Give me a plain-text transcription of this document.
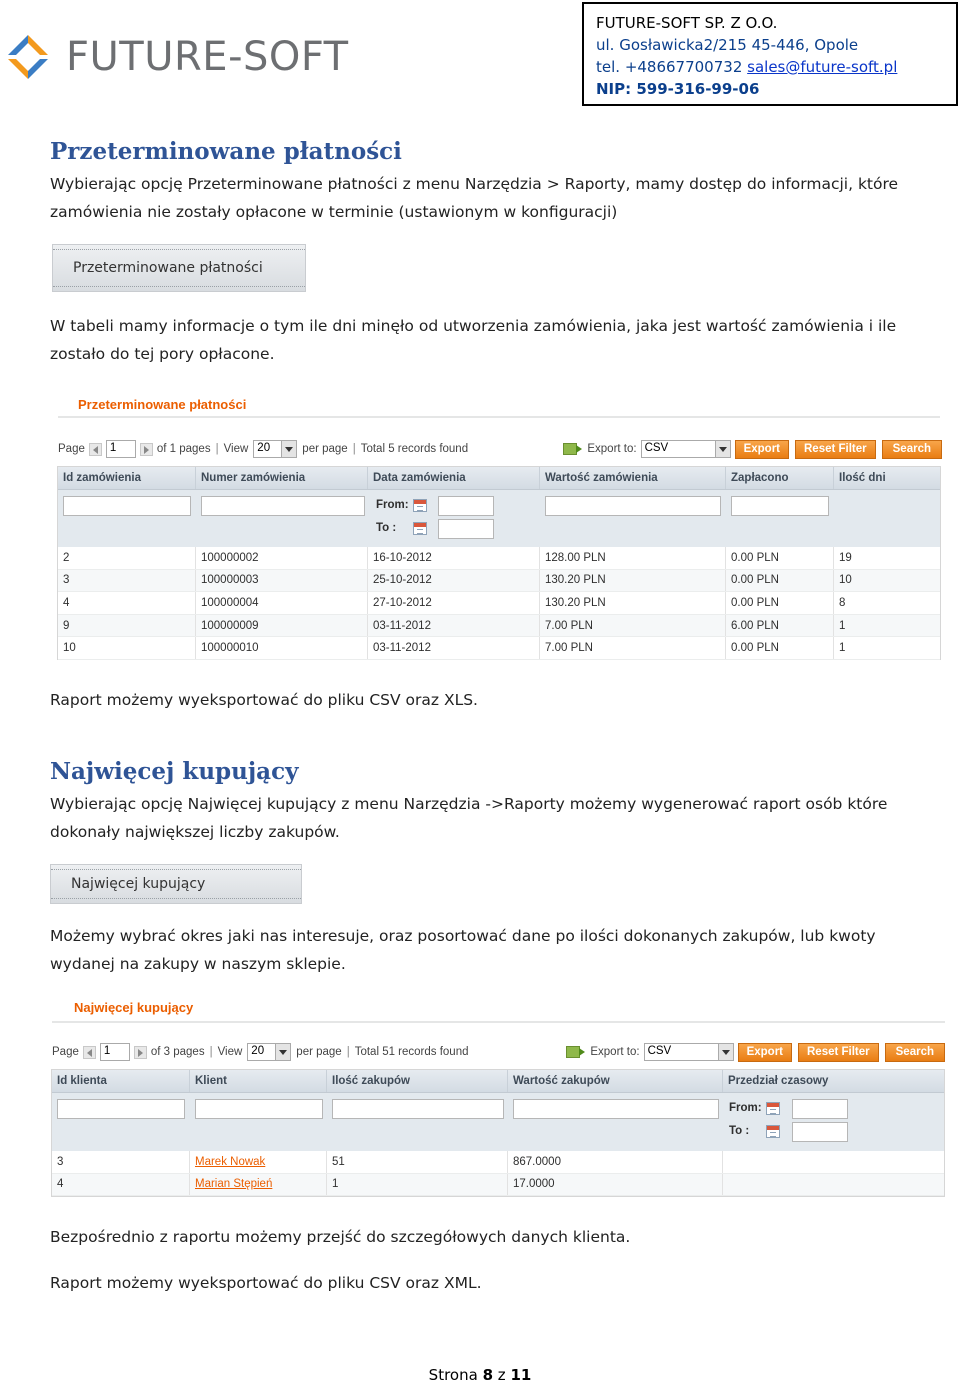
FUTURE-SOFT
FUTURE-SOFT SP. Z O.O.
ul. Gosławicka2/215 45-446, Opole
tel. +48667700732 sales@future-soft.pl
NIP: 599-316-99-06
Przeterminowane płatności
Wybierając opcję Przeterminowane płatności z menu Narzędzia > Raporty, mamy dostęp do informacji, które
zamówienia nie zostały opłacone w terminie (ustawionym w konfiguracji)
Przeterminowane płatności
W tabeli mamy informacje o tym ile dni minęło od utworzenia zamówienia, jaka jest wartość zamówienia i ile
zostało do tej pory opłacone.
Przeterminowane płatności
Page	1	of 1 pages | View 20	per page | Total 5 records found	Export to: CSV	Export	Reset Filter	Search
Id zamówienia	Numer zamówienia	Data zamówienia	Wartość zamówienia	Zapłacono	Ilość dni
From:
To :
2	100000002	16-10-2012	128.00 PLN	0.00 PLN	19
3	100000003	25-10-2012	130.20 PLN	0.00 PLN	10
4	100000004	27-10-2012	130.20 PLN	0.00 PLN	8
9	100000009	03-11-2012	7.00 PLN	6.00 PLN	1
10	100000010	03-11-2012	7.00 PLN	0.00 PLN	1
Raport możemy wyeksportować do pliku CSV oraz XLS.
Najwięcej kupujący
Wybierając opcję Najwięcej kupujący z menu Narzędzia ->Raporty możemy wygenerować raport osób które
dokonały największej liczby zakupów.
Najwięcej kupujący
Możemy wybrać okres jaki nas interesuje, oraz posortować dane po ilości dokonanych zakupów, lub kwoty
wydanej na zakupy w naszym sklepie.
Najwięcej kupujący
Page	1	of 3 pages | View 20	per page | Total 51 records found	Export to: CSV	Export	Reset Filter	Search
Id klienta	Klient	Ilość zakupów	Wartość zakupów	Przedział czasowy
From:
To :
3	Marek Nowak	51	867.0000
4	Marian Stępień	1	17.0000
Bezpośrednio z raportu możemy przejść do szczegółowych danych klienta.
Raport możemy wyeksportować do pliku CSV oraz XML.
Strona 8 z 11
